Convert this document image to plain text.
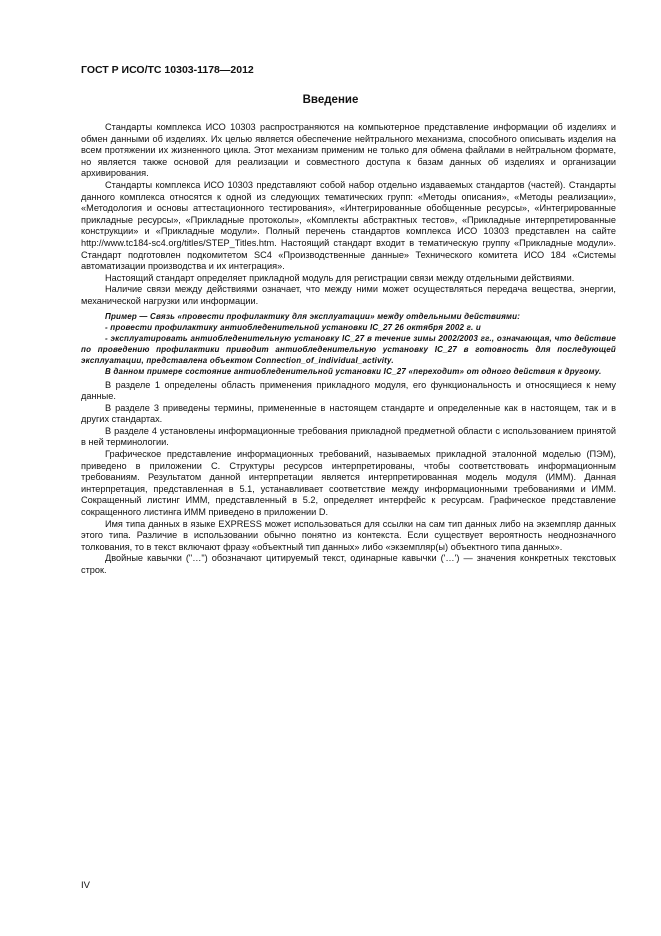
ГОСТ Р ИСО/ТС 10303-1178—2012
Введение

Стандарты комплекса ИСО 10303 распространяются на компьютерное представление информации об изделиях и обмен данными об изделиях. Их целью является обеспечение нейтрального механизма, способного описывать изделия на всем протяжении их жизненного цикла. Этот механизм применим не только для обмена файлами в нейтральном формате, но является также основой для реализации и совместного доступа к базам данных об изделиях и организации архивирования.

Стандарты комплекса ИСО 10303 представляют собой набор отдельно издаваемых стандартов (частей). Стандарты данного комплекса относятся к одной из следующих тематических групп: «Методы описания», «Методы реализации», «Методология и основы аттестационного тестирования», «Интегрированные обобщенные ресурсы», «Интегрированные прикладные ресурсы», «Прикладные протоколы», «Комплекты абстрактных тестов», «Прикладные интерпретированные конструкции» и «Прикладные модули». Полный перечень стандартов комплекса ИСО 10303 представлен на сайте http://www.tc184-sc4.org/titles/STEP_Titles.htm. Настоящий стандарт входит в тематическую группу «Прикладные модули». Стандарт подготовлен подкомитетом SC4 «Производственные данные» Технического комитета ИСО 184 «Системы автоматизации производства и их интеграция».

Настоящий стандарт определяет прикладной модуль для регистрации связи между отдельными действиями.

Наличие связи между действиями означает, что между ними может осуществляться передача вещества, энергии, механической нагрузки или информации.

Пример — Связь «провести профилактику для эксплуатации» между отдельными действиями:

- провести профилактику антиобледенительной установки IC_27 26 октября 2002 г. и

- эксплуатировать антиобледенительную установку IC_27 в течение зимы 2002/2003 гг., означающая, что действие по проведению профилактики приводит антиобледенительную установку IC_27 в готовность для последующей эксплуатации, представлена объектом Connection_of_individual_activity.

В данном примере состояние антиобледенительной установки IC_27 «переходит» от одного действия к другому.

В разделе 1 определены область применения прикладного модуля, его функциональность и относящиеся к нему данные.

В разделе 3 приведены термины, примененные в настоящем стандарте и определенные как в настоящем, так и в других стандартах.

В разделе 4 установлены информационные требования прикладной предметной области с использованием принятой в ней терминологии.

Графическое представление информационных требований, называемых прикладной эталонной моделью (ПЭМ), приведено в приложении С. Структуры ресурсов интерпретированы, чтобы соответствовать информационным требованиям. Результатом данной интерпретации является интерпретированная модель модуля (ИММ). Данная интерпретация, представленная в 5.1, устанавливает соответствие между информационными требованиями и ИММ. Сокращенный листинг ИММ, представленный в 5.2, определяет интерфейс к ресурсам. Графическое представление сокращенного листинга ИММ приведено в приложении D.

Имя типа данных в языке EXPRESS может использоваться для ссылки на сам тип данных либо на экземпляр данных этого типа. Различие в использовании обычно понятно из контекста. Если существует вероятность неоднозначного толкования, то в текст включают фразу «объектный тип данных» либо «экземпляр(ы) объектного типа данных».

Двойные кавычки ("…") обозначают цитируемый текст, одинарные кавычки ('…') — значения конкретных текстовых строк.

IV
